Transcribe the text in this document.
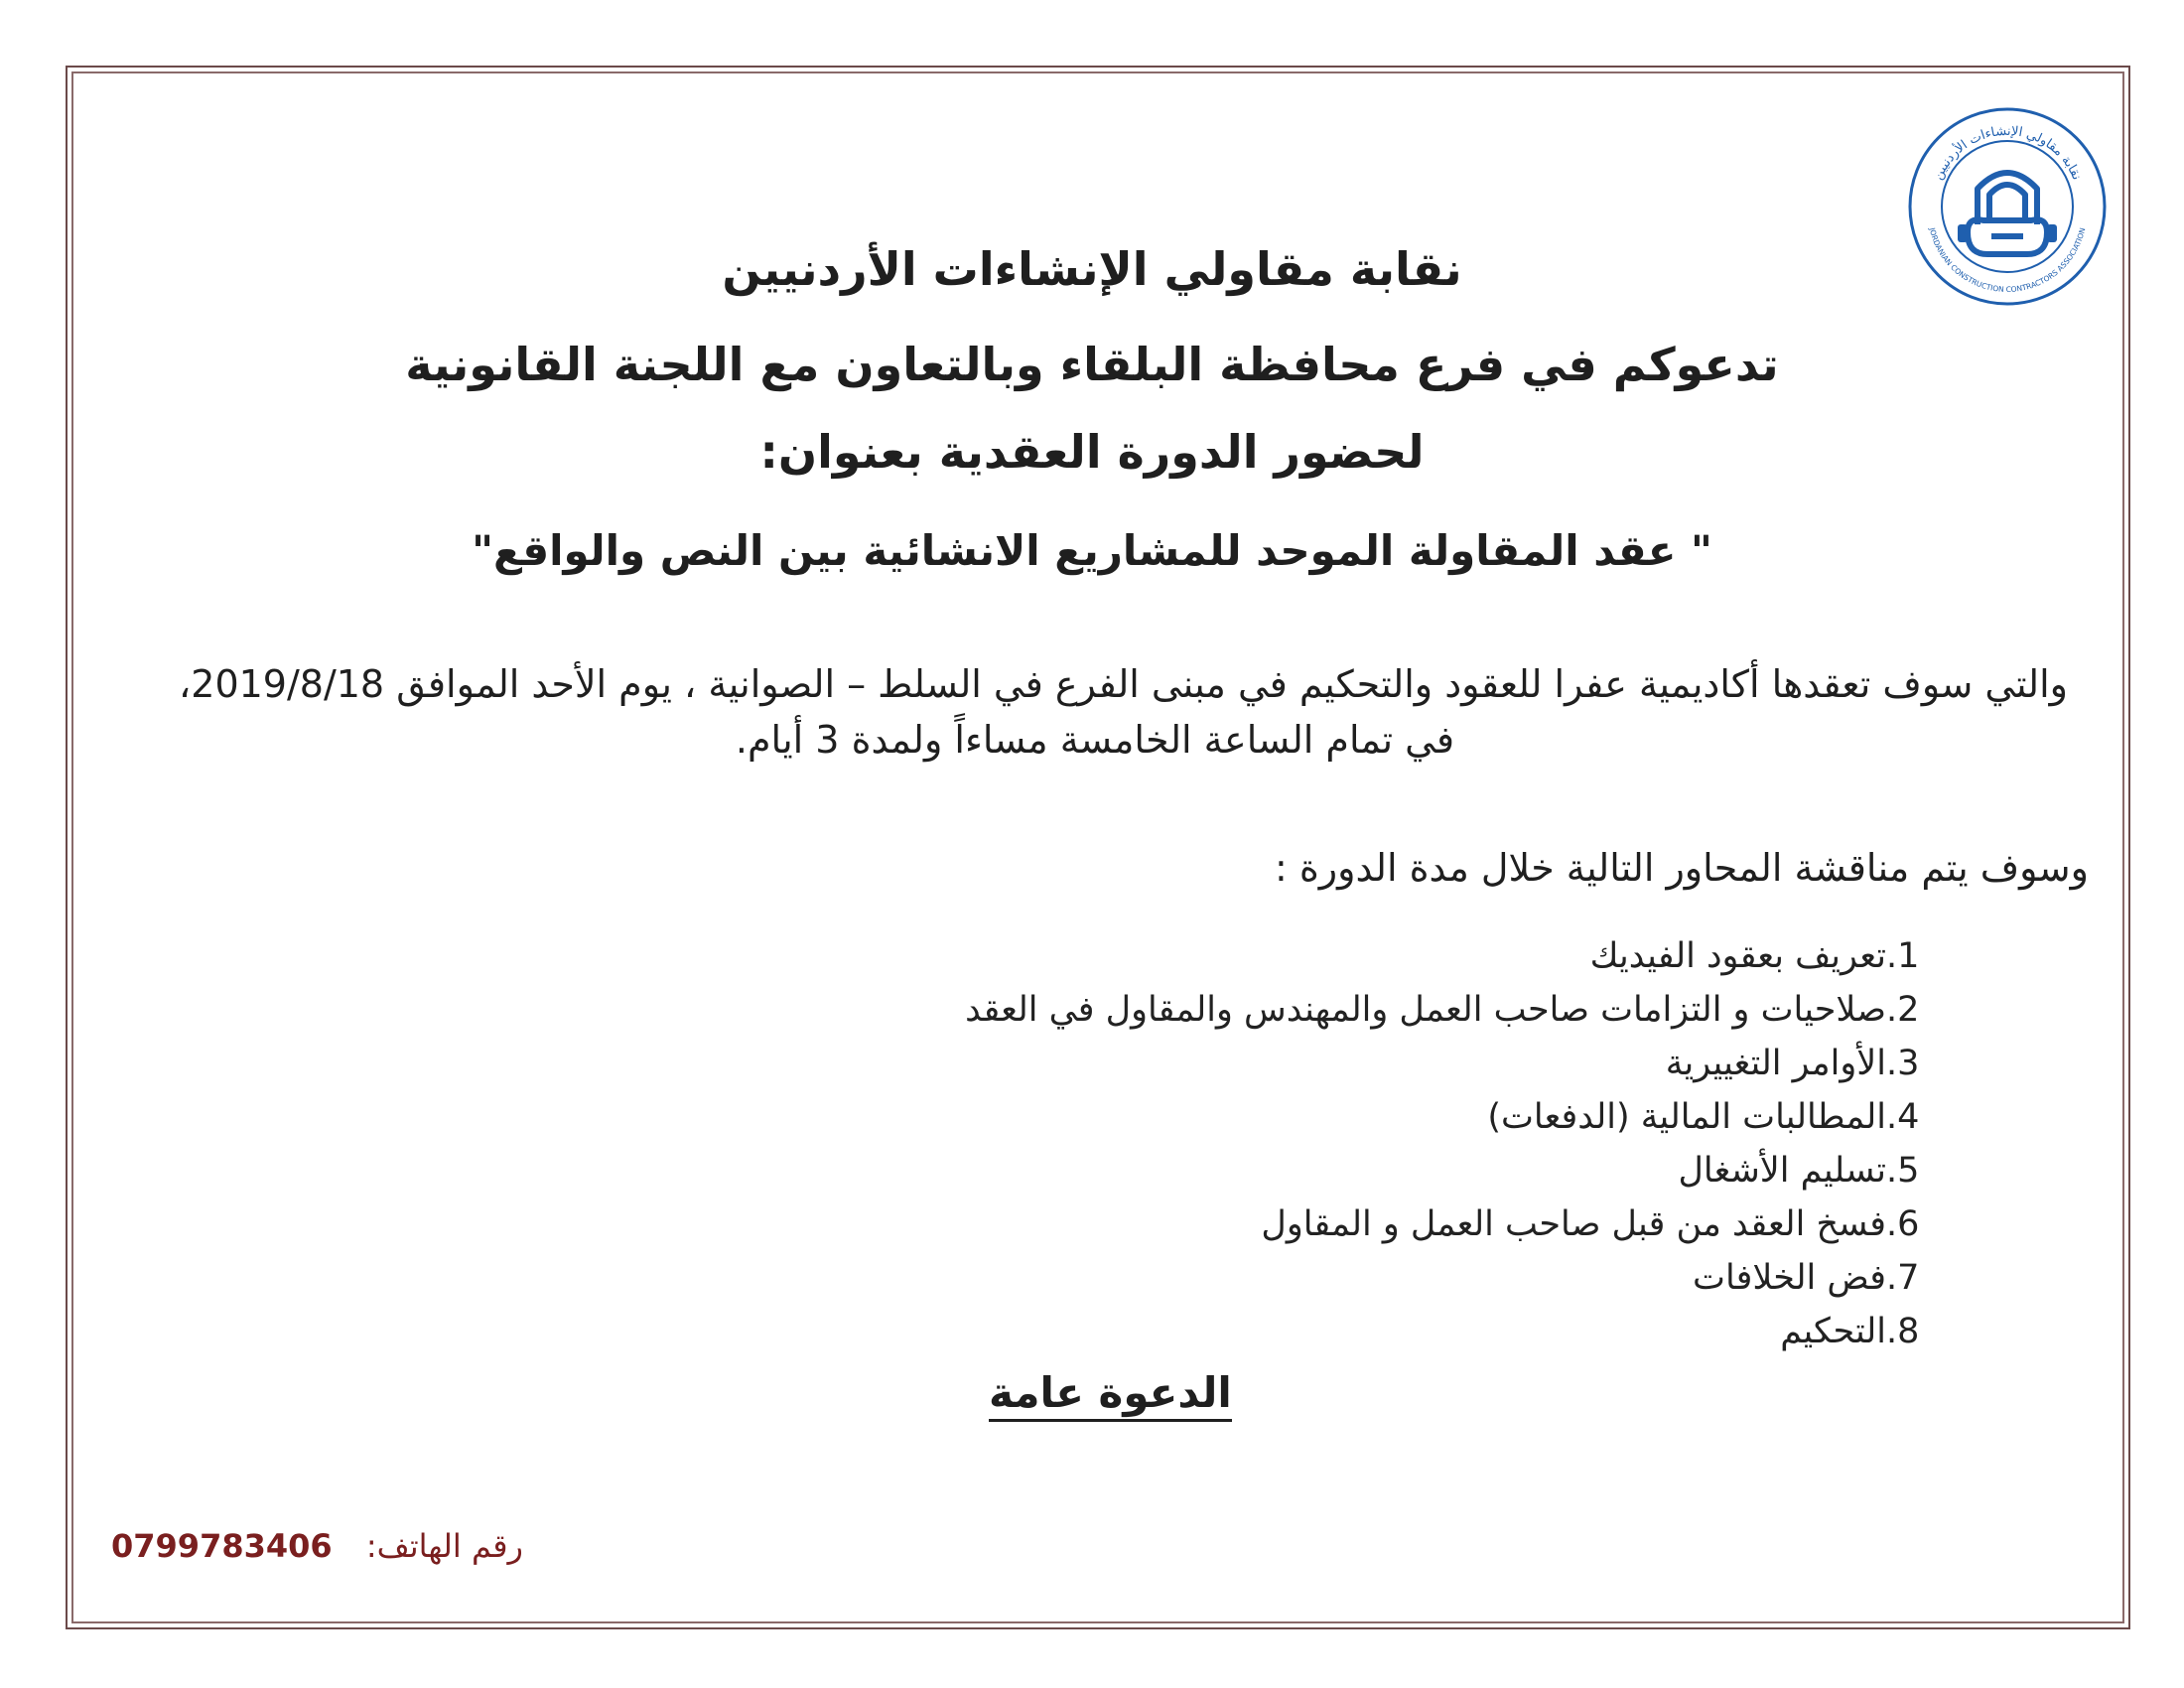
نقابة مقاولي الإنشاءات الأردنيين
JORDANIAN CONSTRUCTION CONTRACTORS ASSOCIATION
نقابة مقاولي الإنشاءات الأردنيين
تدعوكم في فرع محافظة البلقاء وبالتعاون مع اللجنة القانونية
لحضور الدورة العقدية بعنوان:
" عقد المقاولة الموحد للمشاريع الانشائية بين النص والواقع"
والتي سوف تعقدها أكاديمية عفرا للعقود والتحكيم في مبنى الفرع في السلط – الصوانية ، يوم الأحد الموافق 2019/8/18،
في تمام الساعة الخامسة مساءاً ولمدة 3 أيام.
وسوف يتم مناقشة المحاور التالية خلال مدة الدورة :
1.تعريف بعقود الفيديك
2.صلاحيات و التزامات صاحب العمل والمهندس والمقاول في العقد
3.الأوامر التغييرية
4.المطالبات المالية (الدفعات)
5.تسليم الأشغال
6.فسخ العقد من قبل صاحب العمل و المقاول
7.فض الخلافات
8.التحكيم
الدعوة عامة
0799783406 رقم الهاتف:
